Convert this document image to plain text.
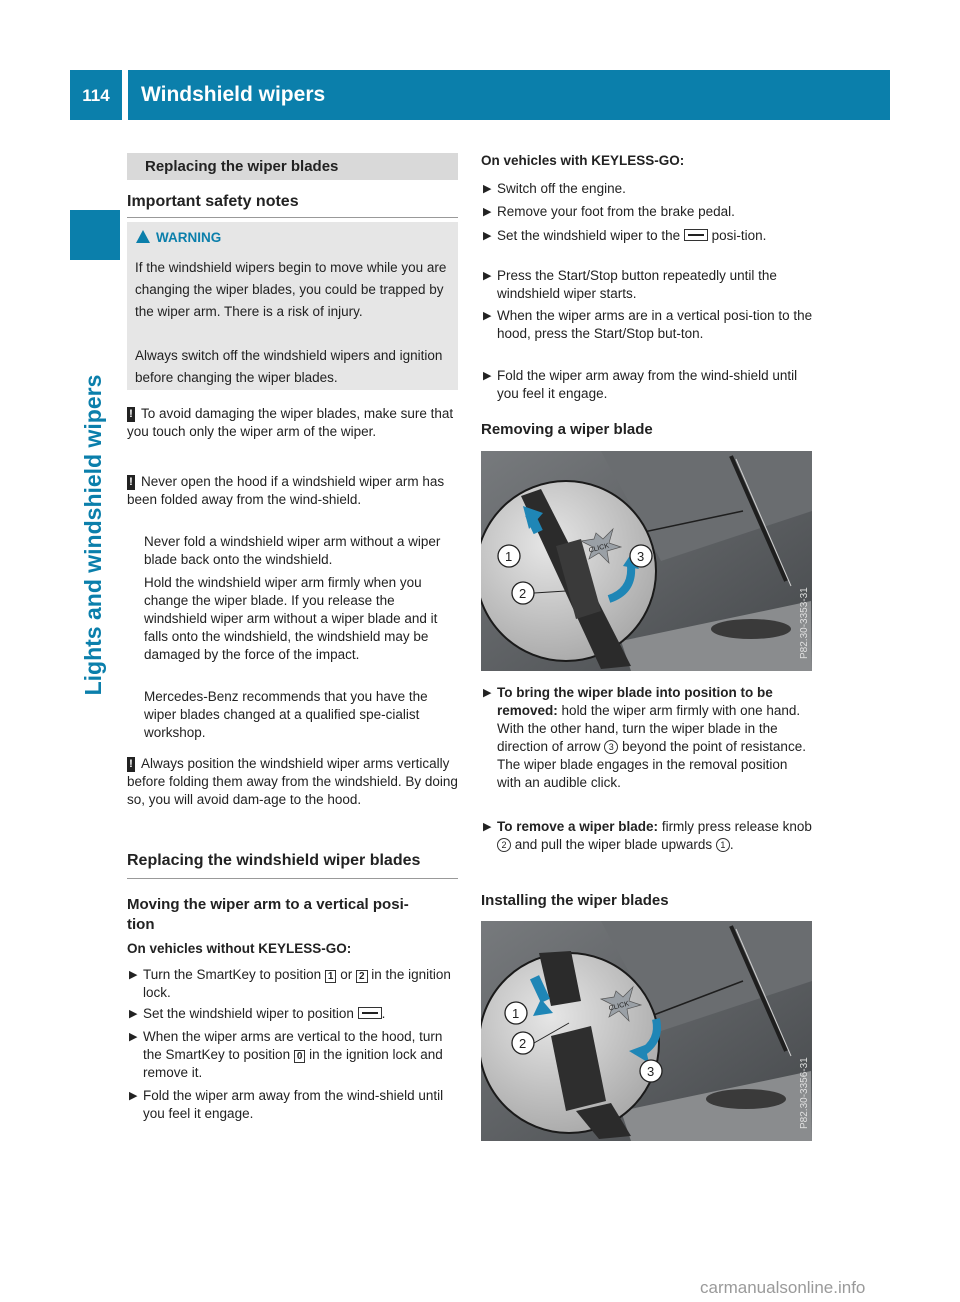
114	Windshield wipers
Lights and windshield wipers
Replacing the wiper blades
Important safety notes
WARNING
If the windshield wipers begin to move while you are changing the wiper blades, you could be trapped by the wiper arm. There is a risk of injury.
Always switch off the windshield wipers and ignition before changing the wiper blades.
! To avoid damaging the wiper blades, make sure that you touch only the wiper arm of the wiper.
! Never open the hood if a windshield wiper arm has been folded away from the wind-shield.
Never fold a windshield wiper arm without a wiper blade back onto the windshield.
Hold the windshield wiper arm firmly when you change the wiper blade. If you release the windshield wiper arm without a wiper blade and it falls onto the windshield, the windshield may be damaged by the force of the impact.
Mercedes-Benz recommends that you have the wiper blades changed at a qualified spe-cialist workshop.
! Always position the windshield wiper arms vertically before folding them away from the windshield. By doing so, you will avoid dam-age to the hood.
Replacing the windshield wiper blades
Moving the wiper arm to a vertical posi-
tion
On vehicles without KEYLESS-GO:
▶ Turn the SmartKey to position 1 or 2 in the ignition lock.
▶ Set the windshield wiper to position .
▶ When the wiper arms are vertical to the hood, turn the SmartKey to position 0 in the ignition lock and remove it.
▶ Fold the wiper arm away from the wind-shield until you feel it engage.
On vehicles with KEYLESS-GO:
▶ Switch off the engine.
▶ Remove your foot from the brake pedal.
▶ Set the windshield wiper to the posi-tion.
▶ Press the Start/Stop button repeatedly until the windshield wiper starts.
▶ When the wiper arms are in a vertical posi-tion to the hood, press the Start/Stop but-ton.
▶ Fold the wiper arm away from the wind-shield until you feel it engage.
Removing a wiper blade
CLICK
1
2
3
P82.30-3353-31
▶ To bring the wiper blade into position to be removed: hold the wiper arm firmly with one hand. With the other hand, turn the wiper blade in the direction of arrow 3 beyond the point of resistance.
The wiper blade engages in the removal position with an audible click.
▶ To remove a wiper blade: firmly press release knob 2 and pull the wiper blade upwards 1 .
Installing the wiper blades
CLICK
1
2
3	P82.30-3356-31
carmanualsonline.info
